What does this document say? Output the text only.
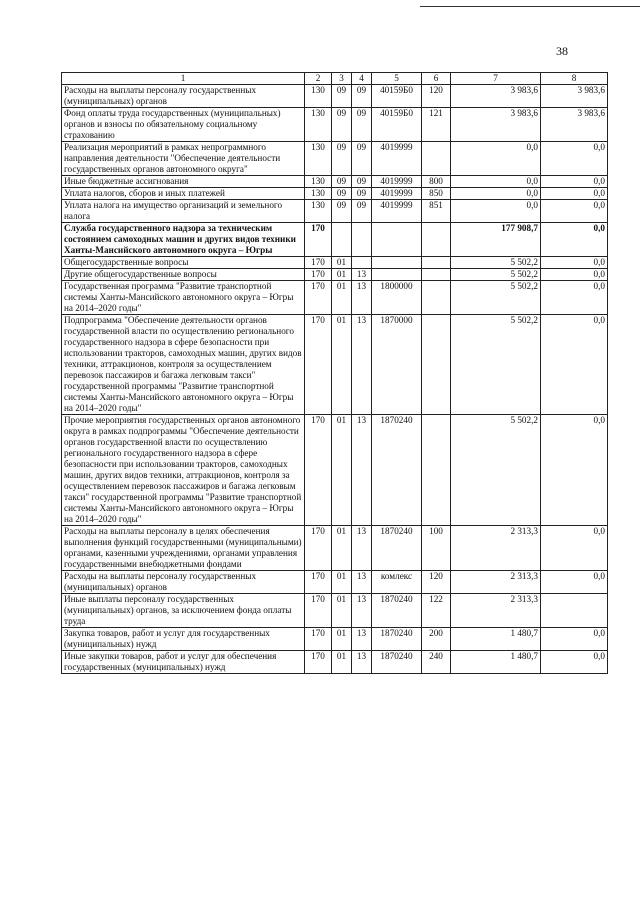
38
1	2	3	4	5	6	7	8
Расходы на выплаты персоналу государственных (муниципальных) органов	130	09	09	40159Б0	120	3 983,6	3 983,6
Фонд оплаты труда государственных (муниципальных) органов и взносы по обязательному социальному страхованию	130	09	09	40159Б0	121	3 983,6	3 983,6
Реализация мероприятий в рамках непрограммного направления деятельности "Обеспечение деятельности государственных органов автономного округа"	130	09	09	4019999		0,0	0,0
Иные бюджетные ассигнования	130	09	09	4019999	800	0,0	0,0
Уплата налогов, сборов и иных платежей	130	09	09	4019999	850	0,0	0,0
Уплата налога на имущество организаций и земельного налога	130	09	09	4019999	851	0,0	0,0
Служба государственного надзора за техническим состоянием самоходных машин и других видов техники Ханты-Мансийского автономного округа – Югры	170					177 908,7	0,0
Общегосударственные вопросы	170	01				5 502,2	0,0
Другие общегосударственные вопросы	170	01	13			5 502,2	0,0
Государственная программа "Развитие транспортной системы Ханты-Мансийского автономного округа – Югры на 2014–2020 годы"	170	01	13	1800000		5 502,2	0,0
Подпрограмма "Обеспечение деятельности органов государственной власти по осуществлению регионального государственного надзора в сфере безопасности при использовании тракторов, самоходных машин, других видов техники, аттракционов, контроля за осуществлением перевозок пассажиров и багажа легковым такси" государственной программы "Развитие транспортной системы Ханты-Мансийского автономного округа – Югры на 2014–2020 годы"	170	01	13	1870000		5 502,2	0,0
Прочие мероприятия государственных органов автономного округа в рамках подпрограммы "Обеспечение деятельности органов государственной власти по осуществлению регионального государственного надзора в сфере безопасности при использовании тракторов, самоходных машин, других видов техники, аттракционов, контроля за осуществлением перевозок пассажиров и багажа легковым такси" государственной программы "Развитие транспортной системы Ханты-Мансийского автономного округа – Югры на 2014–2020 годы"	170	01	13	1870240		5 502,2	0,0
Расходы на выплаты персоналу в целях обеспечения выполнения функций государственными (муниципальными) органами, казенными учреждениями, органами управления государственными внебюджетными фондами	170	01	13	1870240	100	2 313,3	0,0
Расходы на выплаты персоналу государственных (муниципальных) органов	170	01	13	комлекс	120	2 313,3	0,0
Иные выплаты персоналу государственных (муниципальных) органов, за исключением фонда оплаты труда	170	01	13	1870240	122	2 313,3	
Закупка товаров, работ и услуг для государственных (муниципальных) нужд	170	01	13	1870240	200	1 480,7	0,0
Иные закупки товаров, работ и услуг для обеспечения государственных (муниципальных) нужд	170	01	13	1870240	240	1 480,7	0,0
